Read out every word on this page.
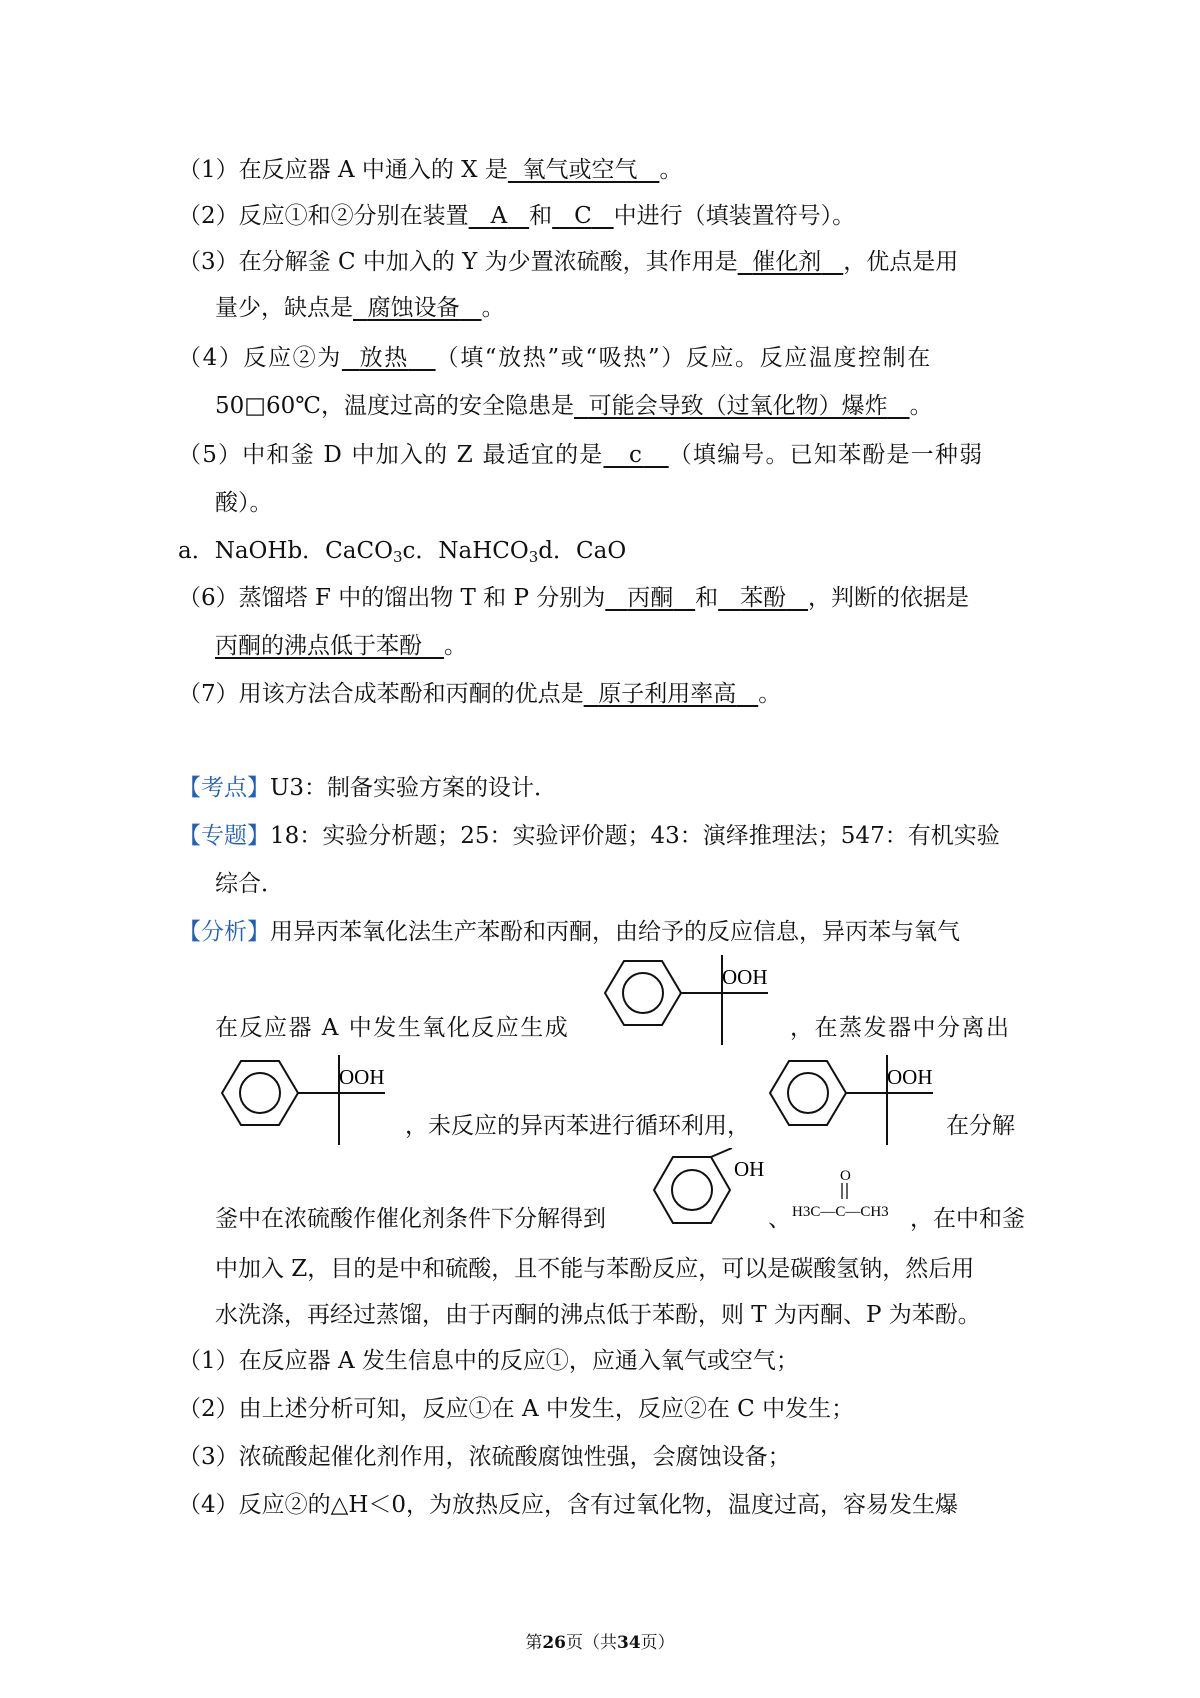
（1）在反应器 A 中通入的 X 是 氧气或空气 。
（2）反应①和②分别在装置 A 和 C 中进行（填装置符号）。
（3）在分解釜 C 中加入的 Y 为少置浓硫酸，其作用是 催化剂 ，优点是用
量少，缺点是 腐蚀设备 。
（4）反应②为 放热 （填“放热”或“吸热”）反应。反应温度控制在
50□60℃，温度过高的安全隐患是 可能会导致（过氧化物）爆炸 。
（5）中和釜 D 中加入的 Z 最适宜的是 c （填编号。已知苯酚是一种弱
酸）。
a．NaOHb．CaCO$_3$c．NaHCO$_3$d．CaO
（6）蒸馏塔 F 中的馏出物 T 和 P 分别为 丙酮 和 苯酚 ，判断的依据是
丙酮的沸点低于苯酚 。
（7）用该方法合成苯酚和丙酮的优点是 原子利用率高 。
【考点】U3：制备实验方案的设计．
【专题】18：实验分析题；25：实验评价题；43：演绎推理法；547：有机实验
综合．
【分析】用异丙苯氧化法生产苯酚和丙酮，由给予的反应信息，异丙苯与氧气
在反应器 A 中发生氧化反应生成
OOH
，在蒸发器中分离出
OOH
，未反应的异丙苯进行循环利用，
OOH
在分解
釜中在浓硫酸作催化剂条件下分解得到
OH
、
O
H3C—C—CH3 ，在中和釜
中加入 Z，目的是中和硫酸，且不能与苯酚反应，可以是碳酸氢钠，然后用
水洗涤，再经过蒸馏，由于丙酮的沸点低于苯酚，则 T 为丙酮、P 为苯酚。
（1）在反应器 A 发生信息中的反应①，应通入氧气或空气；
（2）由上述分析可知，反应①在 A 中发生，反应②在 C 中发生；
（3）浓硫酸起催化剂作用，浓硫酸腐蚀性强，会腐蚀设备；
（4）反应②的△H＜0，为放热反应，含有过氧化物，温度过高，容易发生爆
第26页（共34页）
